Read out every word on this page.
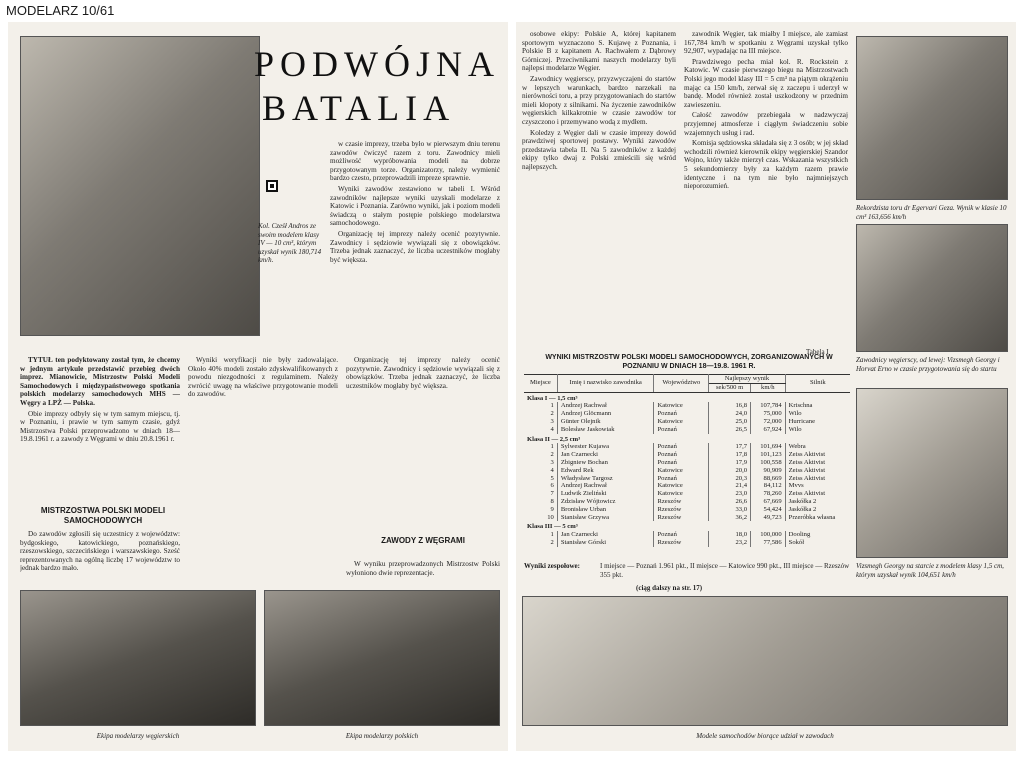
MODELARZ 10/61
Kol. Cześł Andros ze swoim modelem klasy IV — 10 cm³, którym uzyskał wynik 180,714 km/h.
PODWÓJNA
BATALIA

w czasie imprezy, trzeba było w pierwszym dniu terenu zawodów ćwiczyć razem z toru. Zawodnicy mieli możliwość wypróbowania modeli na dobrze przygotowanym torze. Organizatorzy, należy wymienić bardzo czesto, przeprowadzili impreze sprawnie.

Wyniki zawodów zestawiono w tabeli I. Wśród zawodników najlepsze wyniki uzyskali modelarze z Katowic i Poznania. Zarówno wyniki, jak i poziom modeli świadczą o stałym postępie polskiego modelarstwa samochodowego.

Organizację tej imprezy należy ocenić pozytywnie. Zawodnicy i sędziowie wywiązali się z obowiązków. Trzeba jednak zaznaczyć, że liczba uczestników mogłaby być większa.

TYTUŁ ten podyktowany został tym, że chcemy w jednym artykule przedstawić przebieg dwóch imprez. Mianowicie, Mistrzostw Polski Modeli Samochodowych i międzypaństwowego spotkania polskich modelarzy samochodowych MHS — Węgry a LPŻ — Polska.

Obie imprezy odbyły się w tym samym miejscu, tj. w Poznaniu, i prawie w tym samym czasie, gdyż Mistrzostwa Polski przeprowadzono w dniach 18—19.8.1961 r. a zawody z Węgrami w dniu 20.8.1961 r.

MISTRZOSTWA POLSKI MODELI SAMOCHODOWYCH

Do zawodów zgłosili się uczestnicy z województw: bydgoskiego, katowickiego, poznańskiego, rzeszowskiego, szczecińskiego i warszawskiego. Sześć reprezentowanych na ogólną liczbę 17 województw to jednak bardzo mało.

Wyniki weryfikacji nie były zadowalające. Około 40% modeli zostało zdyskwalifikowanych z powodu niezgodności z regulaminem. Należy zwrócić uwagę na właściwe przygotowanie modeli do zawodów.

Organizację tej imprezy należy ocenić pozytywnie. Zawodnicy i sędziowie wywiązali się z obowiązków. Trzeba jednak zaznaczyć, że liczba uczestników mogłaby być większa.

ZAWODY Z WĘGRAMI

W wyniku przeprowadzonych Mistrzostw Polski wyłoniono dwie reprezentacje.

Ekipa modelarzy węgierskich	Ekipa modelarzy polskich

osobowe ekipy: Polskie A, której kapitanem sportowym wyznaczono S. Kujawę z Poznania, i Polskie B z kapitanem A. Rachwałem z Dąbrowy Górniczej. Przeciwnikami naszych modelarzy byli najlepsi modelarze Węgier.

Zawodnicy węgierscy, przyzwyczajeni do startów w lepszych warunkach, bardzo narzekali na nierówności toru, a przy przygotowaniach do startów mieli kłopoty z silnikami. Na życzenie zawodników węgierskich kilkakrotnie w czasie zawodów tor czyszczono i przemywano wodą z mydłem.

Koledzy z Węgier dali w czasie imprezy dowód prawdziwej sportowej postawy. Wyniki zawodów przedstawia tabela II. Na 5 zawodników z każdej ekipy tylko dwaj z Polski zmieścili się wśród najlepszych.

zawodnik Węgier, tak miałby I miejsce, ale zamiast 167,784 km/h w spotkaniu z Węgrami uzyskał tylko 92,907, wypadając na III miejsce.

Prawdziwego pecha miał kol. R. Rockstein z Katowic. W czasie pierwszego biegu na Mistrzostwach Polski jego model klasy III = 5 cm³ na piątym okrążeniu mając ca 150 km/h, zerwał się z zaczepu i uderzył w bandę. Model również został uszkodzony w przednim zawieszeniu.

Całość zawodów przebiegała w nadzwyczaj przyjemnej atmosferze i ciągłym świadczeniu sobie wzajemnych usług i rad.

Komisja sędziowska składała się z 3 osób; w jej skład wchodzili również kierownik ekipy węgierskiej Szandor Wojno, który także mierzył czas. Wskazania wszystkich 5 sekundomierzy były za każdym razem prawie identyczne i na tym nie było najmniejszych nieporozumień.

Rekordzista toru dr Egervari Geza. Wynik w klasie 10 cm³ 163,656 km/h
Zawodnicy węgierscy, od lewej: Vizsmegh Georgy i Horvat Erno w czasie przygotowania się do startu
Vizsmegh Georgy na starcie z modelem klasy 1,5 cm, którym uzyskał wynik 104,651 km/h
Tabela I
WYNIKI MISTRZOSTW POLSKI MODELI SAMOCHODOWYCH, ZORGANIZOWANYCH W POZNANIU W DNIACH 18—19.8. 1961 R.
Miejsce	Imię i nazwisko zawodnika	Województwo	Najlepszy wynik		Silnik
			sek/500 m	km/h	
Klasa I — 1,5 cm³					
1	Andrzej Rachwał	Katowice	16,8	107,784	Krischna
2	Andrzej Glöcmann	Poznań	24,0	75,000	Wilo
3	Günter Olejnik	Katowice	25,0	72,000	Hurricane
4	Bolesław Jaskowiak	Poznań	26,5	67,924	Wilo
Klasa II — 2,5 cm³					
1	Sylwester Kujawa	Poznań	17,7	101,694	Webra
2	Jan Czarnecki	Poznań	17,8	101,123	Zeiss Aktivist
3	Zbigniew Bochan	Poznań	17,9	100,558	Zeiss Aktivist
4	Edward Rek	Katowice	20,0	90,909	Zeiss Aktivist
5	Władysław Targosz	Poznań	20,3	88,669	Zeiss Aktivist
6	Andrzej Rachwał	Katowice	21,4	84,112	Mvvs
7	Ludwik Zieliński	Katowice	23,0	78,260	Zeiss Aktivist
8	Zdzisław Wójtowicz	Rzeszów	26,6	67,669	Jaskółka 2
9	Bronisław Urban	Rzeszów	33,0	54,424	Jaskółka 2
10	Stanisław Grzywa	Rzeszów	36,2	49,723	Przeróbka własna
Klasa III — 5 cm³					
1	Jan Czarnecki	Poznań	18,0	100,000	Dooling
2	Stanisław Górski	Rzeszów	23,2	77,586	Sokół
Wyniki zespołowe:	I miejsce — Poznań 1.961 pkt., II miejsce — Katowice 990 pkt., III miejsce — Rzeszów 355 pkt.
(ciąg dalszy na str. 17)
Modele samochodów biorące udział w zawodach
